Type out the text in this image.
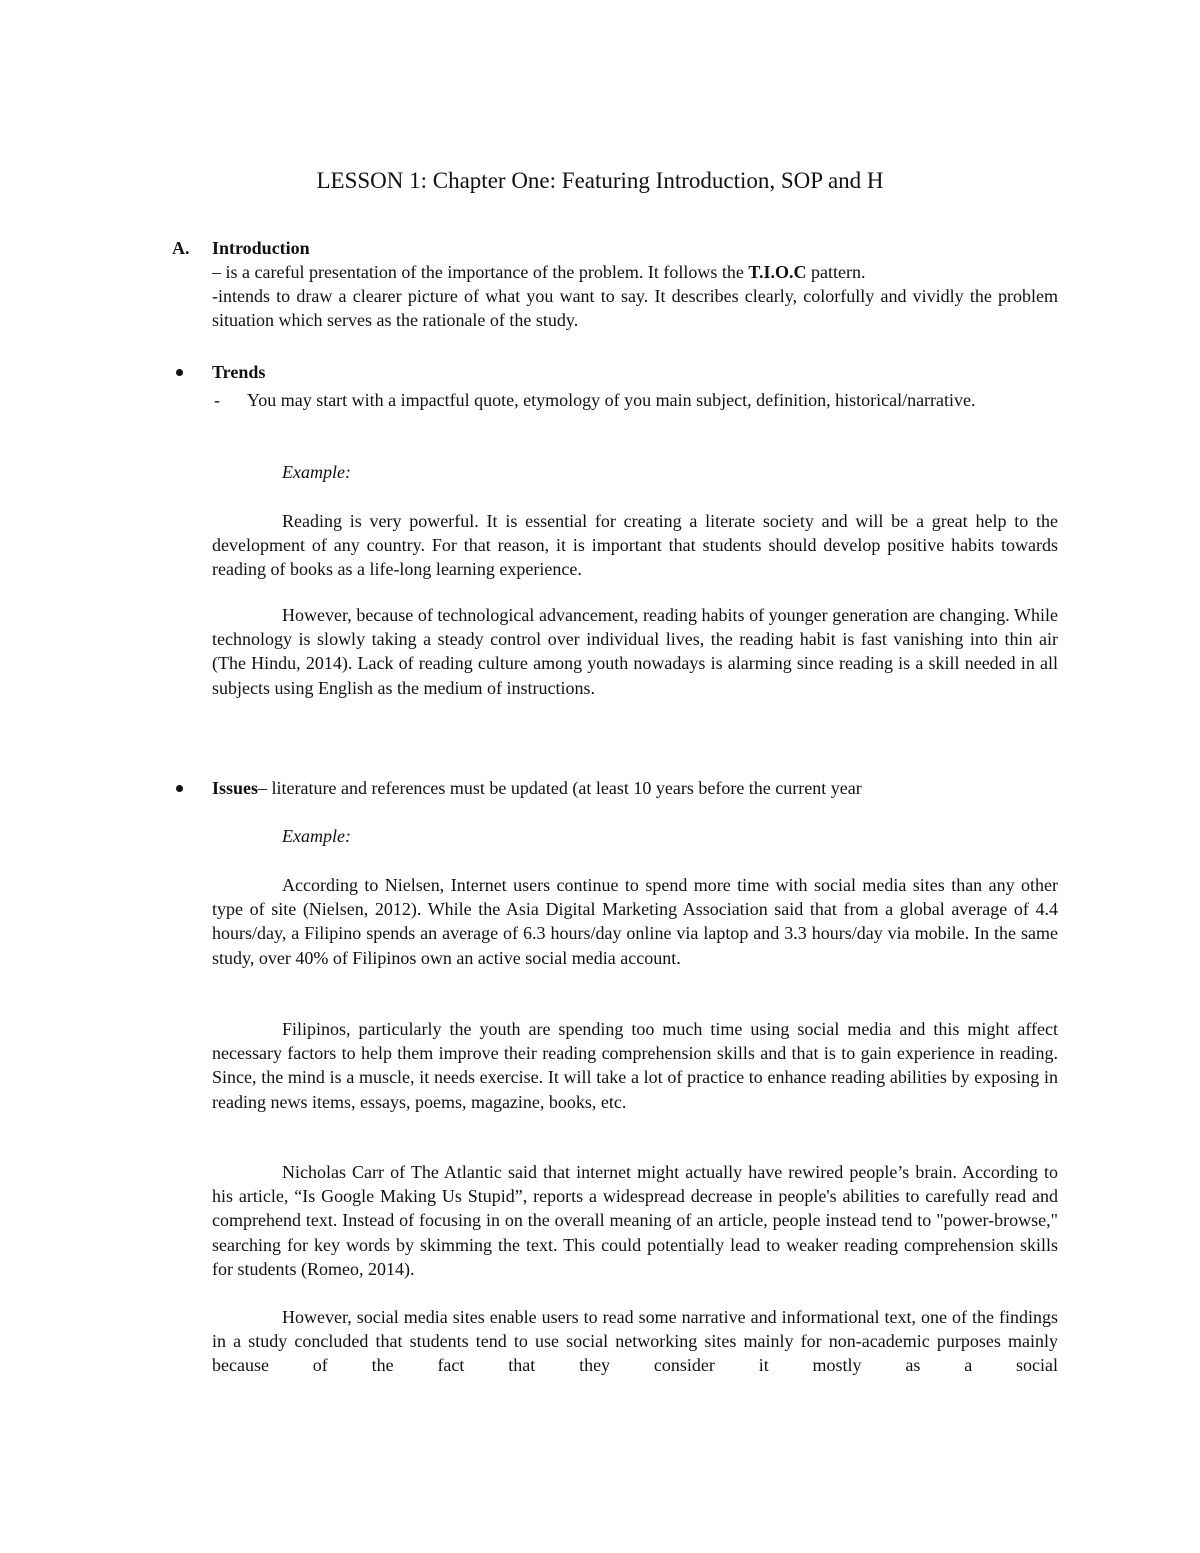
LESSON 1: Chapter One: Featuring Introduction, SOP and H
A. Introduction
– is a careful presentation of the importance of the problem. It follows the T.I.O.C pattern.
-intends to draw a clearer picture of what you want to say. It describes clearly, colorfully and vividly the problem situation which serves as the rationale of the study.
Trends
- You may start with a impactful quote, etymology of you main subject, definition, historical/narrative.
Example:
Reading is very powerful. It is essential for creating a literate society and will be a great help to the development of any country. For that reason, it is important that students should develop positive habits towards reading of books as a life-long learning experience.
However, because of technological advancement, reading habits of younger generation are changing. While technology is slowly taking a steady control over individual lives, the reading habit is fast vanishing into thin air (The Hindu, 2014). Lack of reading culture among youth nowadays is alarming since reading is a skill needed in all subjects using English as the medium of instructions.
Issues– literature and references must be updated (at least 10 years before the current year
Example:
According to Nielsen, Internet users continue to spend more time with social media sites than any other type of site (Nielsen, 2012). While the Asia Digital Marketing Association said that from a global average of 4.4 hours/day, a Filipino spends an average of 6.3 hours/day online via laptop and 3.3 hours/day via mobile. In the same study, over 40% of Filipinos own an active social media account.
Filipinos, particularly the youth are spending too much time using social media and this might affect necessary factors to help them improve their reading comprehension skills and that is to gain experience in reading. Since, the mind is a muscle, it needs exercise. It will take a lot of practice to enhance reading abilities by exposing in reading news items, essays, poems, magazine, books, etc.
Nicholas Carr of The Atlantic said that internet might actually have rewired people’s brain. According to his article, “Is Google Making Us Stupid”, reports a widespread decrease in people's abilities to carefully read and comprehend text. Instead of focusing in on the overall meaning of an article, people instead tend to "power-browse," searching for key words by skimming the text. This could potentially lead to weaker reading comprehension skills for students (Romeo, 2014).
However, social media sites enable users to read some narrative and informational text, one of the findings in a study concluded that students tend to use social networking sites mainly for non-academic purposes mainly because of the fact that they consider it mostly as a social
